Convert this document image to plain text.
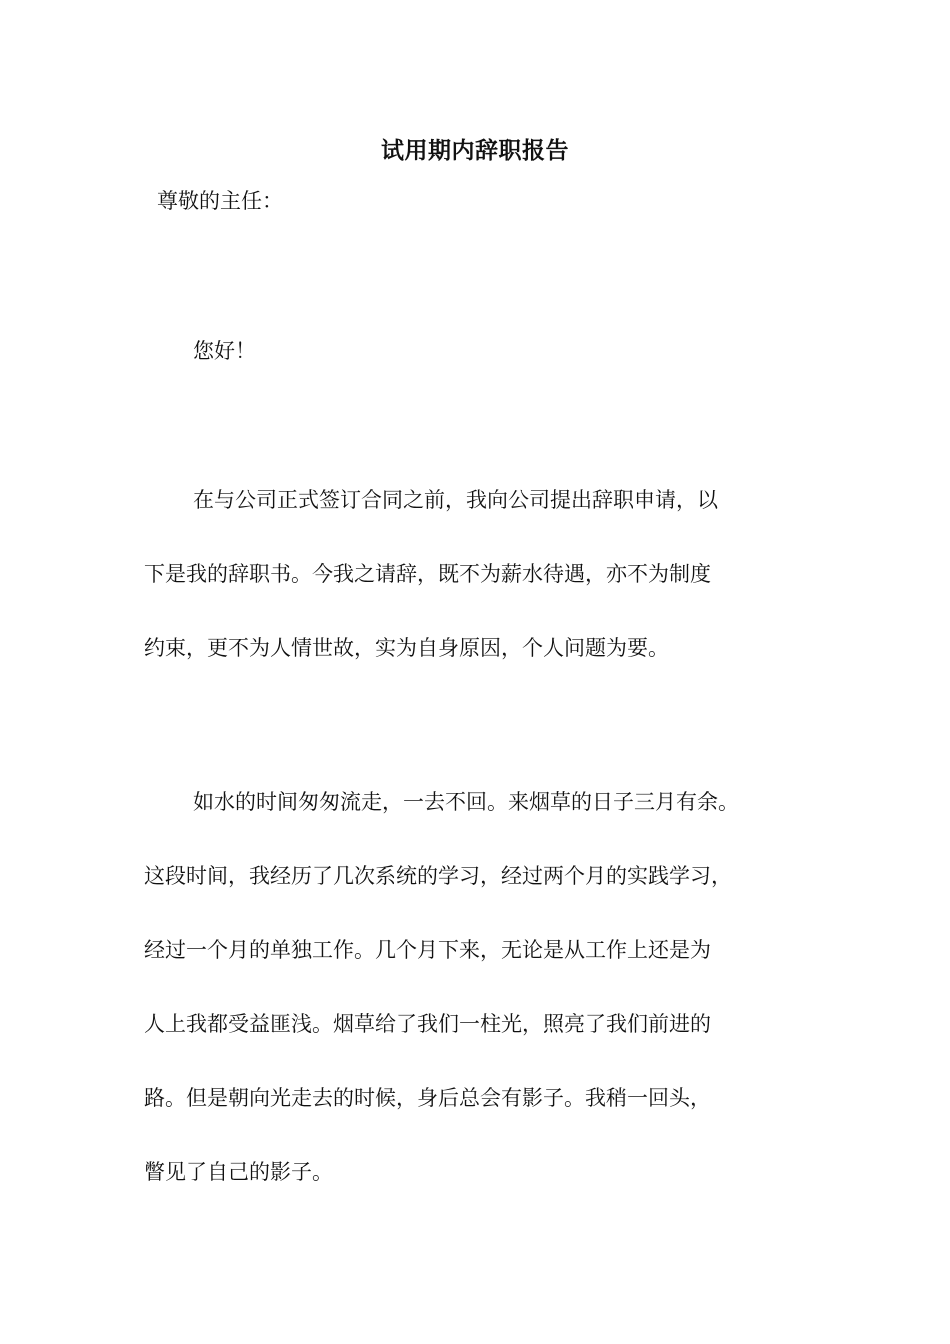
试用期内辞职报告

尊敬的主任：

您好！

在与公司正式签订合同之前，我向公司提出辞职申请，以
下是我的辞职书。今我之请辞，既不为薪水待遇，亦不为制度
约束，更不为人情世故，实为自身原因，个人问题为要。
如水的时间匆匆流走，一去不回。来烟草的日子三月有余。
这段时间，我经历了几次系统的学习，经过两个月的实践学习，
经过一个月的单独工作。几个月下来，无论是从工作上还是为
人上我都受益匪浅。烟草给了我们一柱光，照亮了我们前进的
路。但是朝向光走去的时候，身后总会有影子。我稍一回头，
瞥见了自己的影子。
